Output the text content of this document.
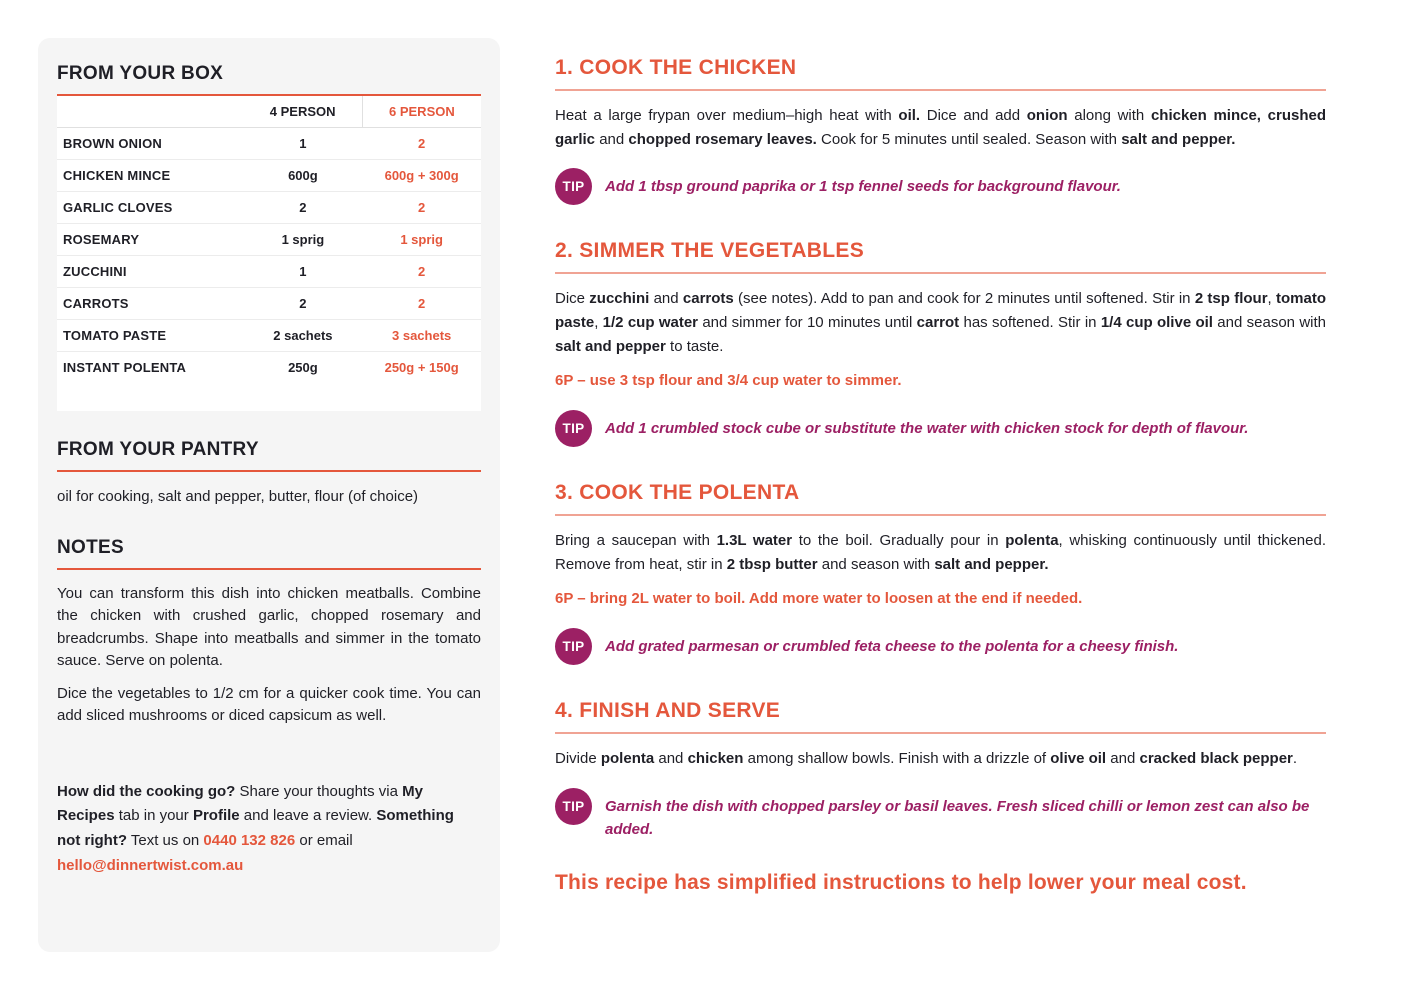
FROM YOUR BOX
	4 PERSON	6 PERSON
BROWN ONION	1	2
CHICKEN MINCE	600g	600g + 300g
GARLIC CLOVES	2	2
ROSEMARY	1 sprig	1 sprig
ZUCCHINI	1	2
CARROTS	2	2
TOMATO PASTE	2 sachets	3 sachets
INSTANT POLENTA	250g	250g + 150g
FROM YOUR PANTRY

oil for cooking, salt and pepper, butter, flour (of choice)

NOTES

You can transform this dish into chicken meatballs. Combine the chicken with crushed garlic, chopped rosemary and breadcrumbs. Shape into meatballs and simmer in the tomato sauce. Serve on polenta.

Dice the vegetables to 1/2 cm for a quicker cook time. You can add sliced mushrooms or diced capsicum as well.

How did the cooking go? Share your thoughts via My Recipes tab in your Profile and leave a review. Something not right? Text us on 0440 132 826 or email hello@dinnertwist.com.au

1. COOK THE CHICKEN

Heat a large frypan over medium–high heat with oil. Dice and add onion along with chicken mince, crushed garlic and chopped rosemary leaves. Cook for 5 minutes until sealed. Season with salt and pepper.

TIP	Add 1 tbsp ground paprika or 1 tsp fennel seeds for background flavour.

2. SIMMER THE VEGETABLES

Dice zucchini and carrots (see notes). Add to pan and cook for 2 minutes until softened. Stir in 2 tsp flour, tomato paste, 1/2 cup water and simmer for 10 minutes until carrot has softened. Stir in 1/4 cup olive oil and season with salt and pepper to taste.

6P – use 3 tsp flour and 3/4 cup water to simmer.

TIP	Add 1 crumbled stock cube or substitute the water with chicken stock for depth of flavour.

3. COOK THE POLENTA

Bring a saucepan with 1.3L water to the boil. Gradually pour in polenta, whisking continuously until thickened. Remove from heat, stir in 2 tbsp butter and season with salt and pepper.

6P – bring 2L water to boil. Add more water to loosen at the end if needed.

TIP	Add grated parmesan or crumbled feta cheese to the polenta for a cheesy finish.

4. FINISH AND SERVE

Divide polenta and chicken among shallow bowls. Finish with a drizzle of olive oil and cracked black pepper.

TIP	Garnish the dish with chopped parsley or basil leaves. Fresh sliced chilli or lemon zest can also be added.

This recipe has simplified instructions to help lower your meal cost.
